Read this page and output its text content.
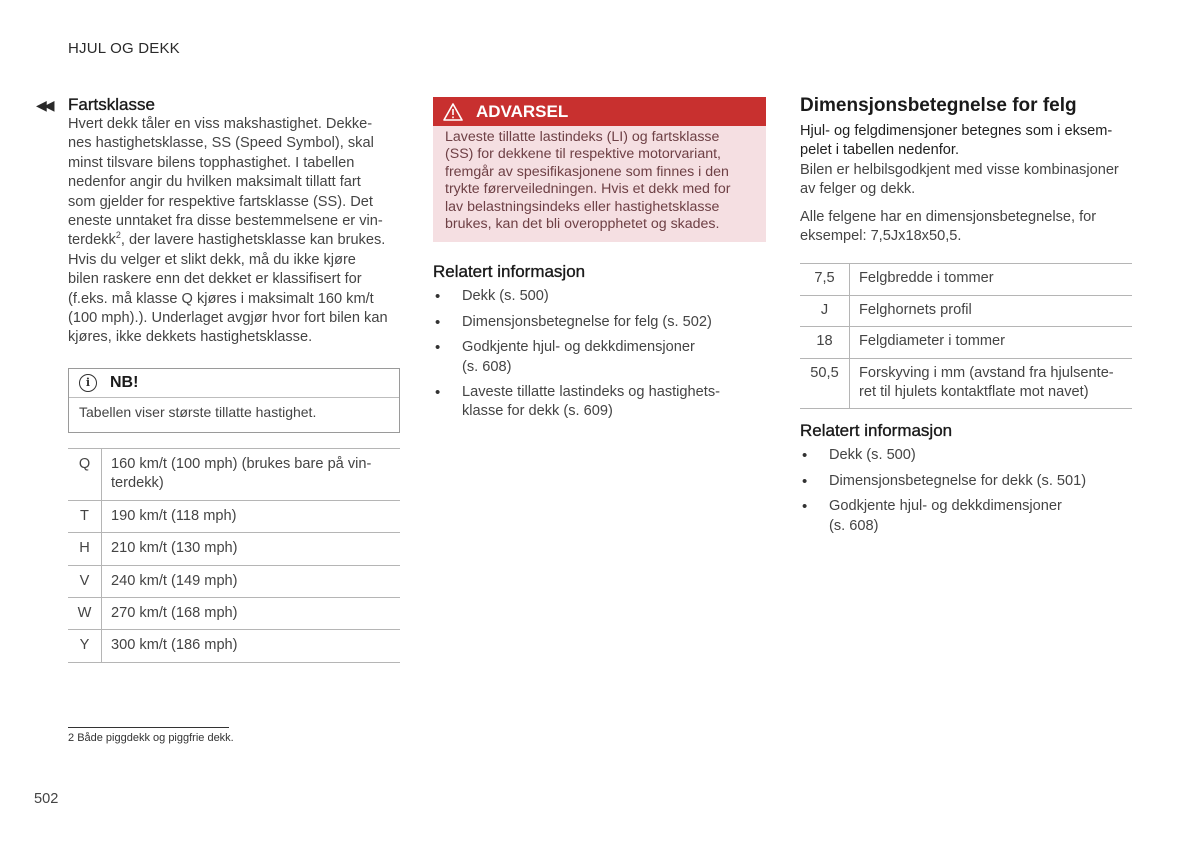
HJUL OG DEKK
◀◀ Fartsklasse
Hvert dekk tåler en viss makshastighet. Dekke-
nes hastighetsklasse, SS (Speed Symbol), skal
minst tilsvare bilens topphastighet. I tabellen
nedenfor angir du hvilken maksimalt tillatt fart
som gjelder for respektive fartsklasse (SS). Det
eneste unntaket fra disse bestemmelsene er vin-

terdekk$^2$, der lavere hastighetsklasse kan brukes.

Hvis du velger et slikt dekk, må du ikke kjøre
bilen raskere enn det dekket er klassifisert for
(f.eks. må klasse Q kjøres i maksimalt 160 km/t
(100 mph).). Underlaget avgjør hvor fort bilen kan
kjøres, ikke dekkets hastighetsklasse.
i	NB!
Tabellen viser største tillatte hastighet.
Q	160 km/t (100 mph) (brukes bare på vin-
terdekk)

T	190 km/t (118 mph)

H	210 km/t (130 mph)

V	240 km/t (149 mph)

W	270 km/t (168 mph)

Y	300 km/t (186 mph)
ADVARSEL
Laveste tillatte lastindeks (LI) og fartsklasse
(SS) for dekkene til respektive motorvariant,
fremgår av spesifikasjonene som finnes i den
trykte førerveiledningen. Hvis et dekk med for
lav belastningsindeks eller hastighetsklasse
brukes, kan det bli overopphetet og skades.
Relatert informasjon
• Dekk (s. 500)
• Dimensjonsbetegnelse for felg (s. 502)
• Godkjente hjul- og dekkdimensjoner
(s. 608)
• Laveste tillatte lastindeks og hastighets-
klasse for dekk (s. 609)
Dimensjonsbetegnelse for felg
Hjul- og felgdimensjoner betegnes som i eksem-
pelet i tabellen nedenfor.
Bilen er helbilsgodkjent med visse kombinasjoner
av felger og dekk.
Alle felgene har en dimensjonsbetegnelse, for
eksempel: 7,5Jx18x50,5.
7,5	Felgbredde i tommer

J	Felghornets profil

18	Felgdiameter i tommer

50,5	Forskyving i mm (avstand fra hjulsente-
ret til hjulets kontaktflate mot navet)
Relatert informasjon
• Dekk (s. 500)
• Dimensjonsbetegnelse for dekk (s. 501)
• Godkjente hjul- og dekkdimensjoner
(s. 608)
2 Både piggdekk og piggfrie dekk.
502
